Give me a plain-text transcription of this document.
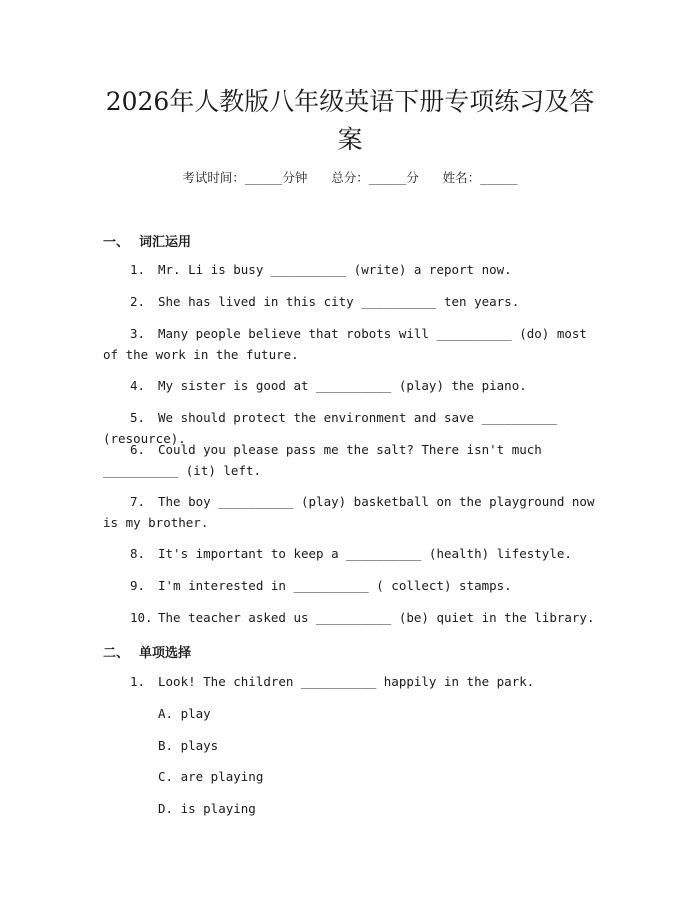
2026年人教版八年级英语下册专项练习及答案
考试时间：______分钟 总分：______分 姓名：______
一、 词汇运用
1. Mr. Li is busy __________ (write) a report now.
2. She has lived in this city __________ ten years.
3. Many people believe that robots will __________ (do) most of the work in the future.
4. My sister is good at __________ (play) the piano.
5. We should protect the environment and save __________ (resource).
6. Could you please pass me the salt? There isn't much __________ (it) left.
7. The boy __________ (play) basketball on the playground now is my brother.
8. It's important to keep a __________ (health) lifestyle.
9. I'm interested in __________ ( collect) stamps.
10. The teacher asked us __________ (be) quiet in the library.
二、 单项选择
1. Look! The children __________ happily in the park.
A. play
B. plays
C. are playing
D. is playing
